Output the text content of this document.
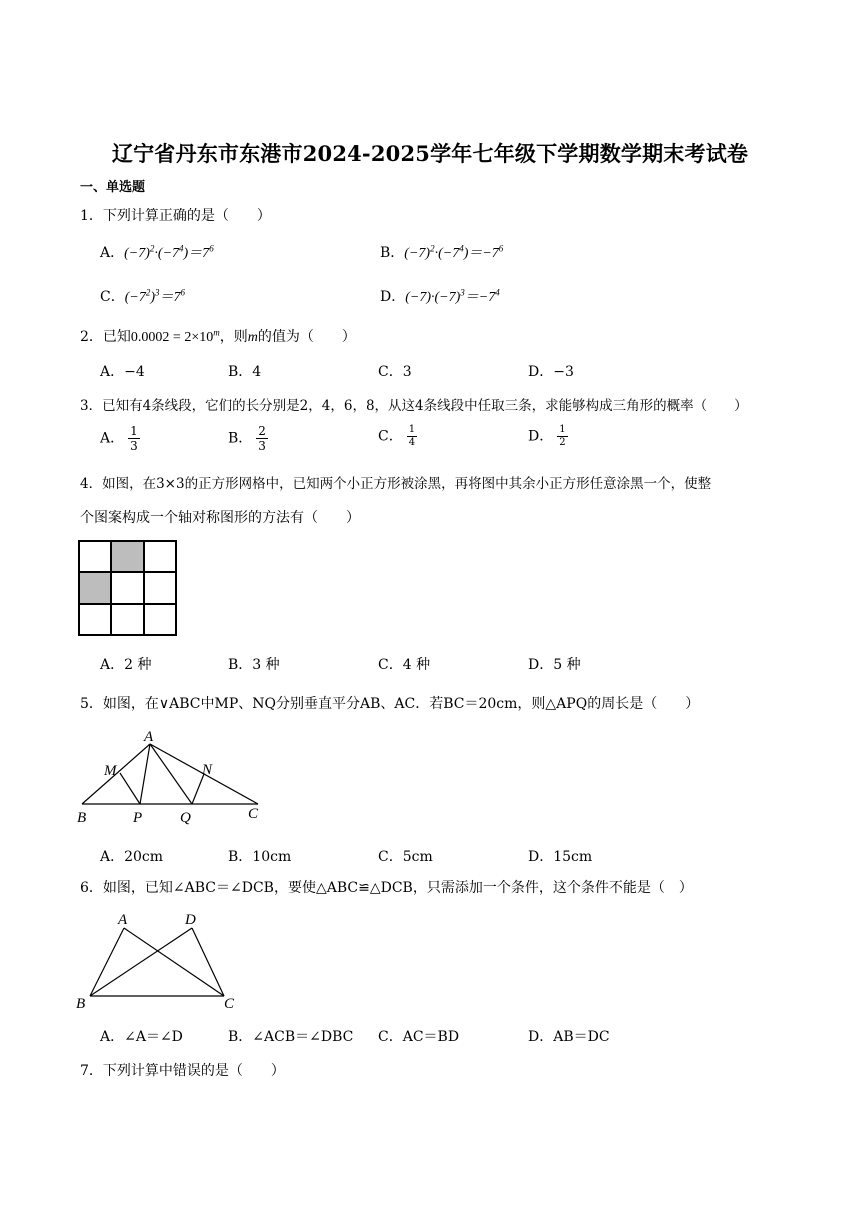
辽宁省丹东市东港市2024-2025学年七年级下学期数学期末考试卷
一、单选题
1．下列计算正确的是（　　）
A．$(-7)^2\cdot(-7^4)=7^6$	B．$(-7)^2\cdot(-7^4)=-7^6$
C．$(-7^2)^3=7^6$	D．$(-7)\cdot(-7)^3=-7^4$
2．已知$0.0002 = 2\times 10^m$，则m的值为（　　）
A．−4	B．4	C．3	D．−3
3．已知有4条线段，它们的长分别是2，4，6，8，从这4条线段中任取三条，求能够构成三角形的概率（　　）
A． $\frac{1}{3}$	B． $\frac{2}{3}$	C． $\frac{1}{4}$	D． $\frac{1}{2}$
4．如图，在3×3的正方形网格中，已知两个小正方形被涂黑，再将图中其余小正方形任意涂黑一个，使整
个图案构成一个轴对称图形的方法有（　　）
A．2 种	B．3 种	C．4 种	D．5 种
5．如图，在∨ABC中MP、NQ分别垂直平分AB、AC．若BC＝20cm，则△APQ的周长是（　　）
A
M	N
B	P	Q	C
A．20cm	B．10cm	C．5cm	D．15cm
6．如图，已知∠ABC＝∠DCB，要使△ABC≌△DCB，只需添加一个条件，这个条件不能是（　）
A	D
B	C
A．∠A＝∠D	B．∠ACB＝∠DBC C．AC＝BD	D．AB＝DC
7．下列计算中错误的是（　　）
